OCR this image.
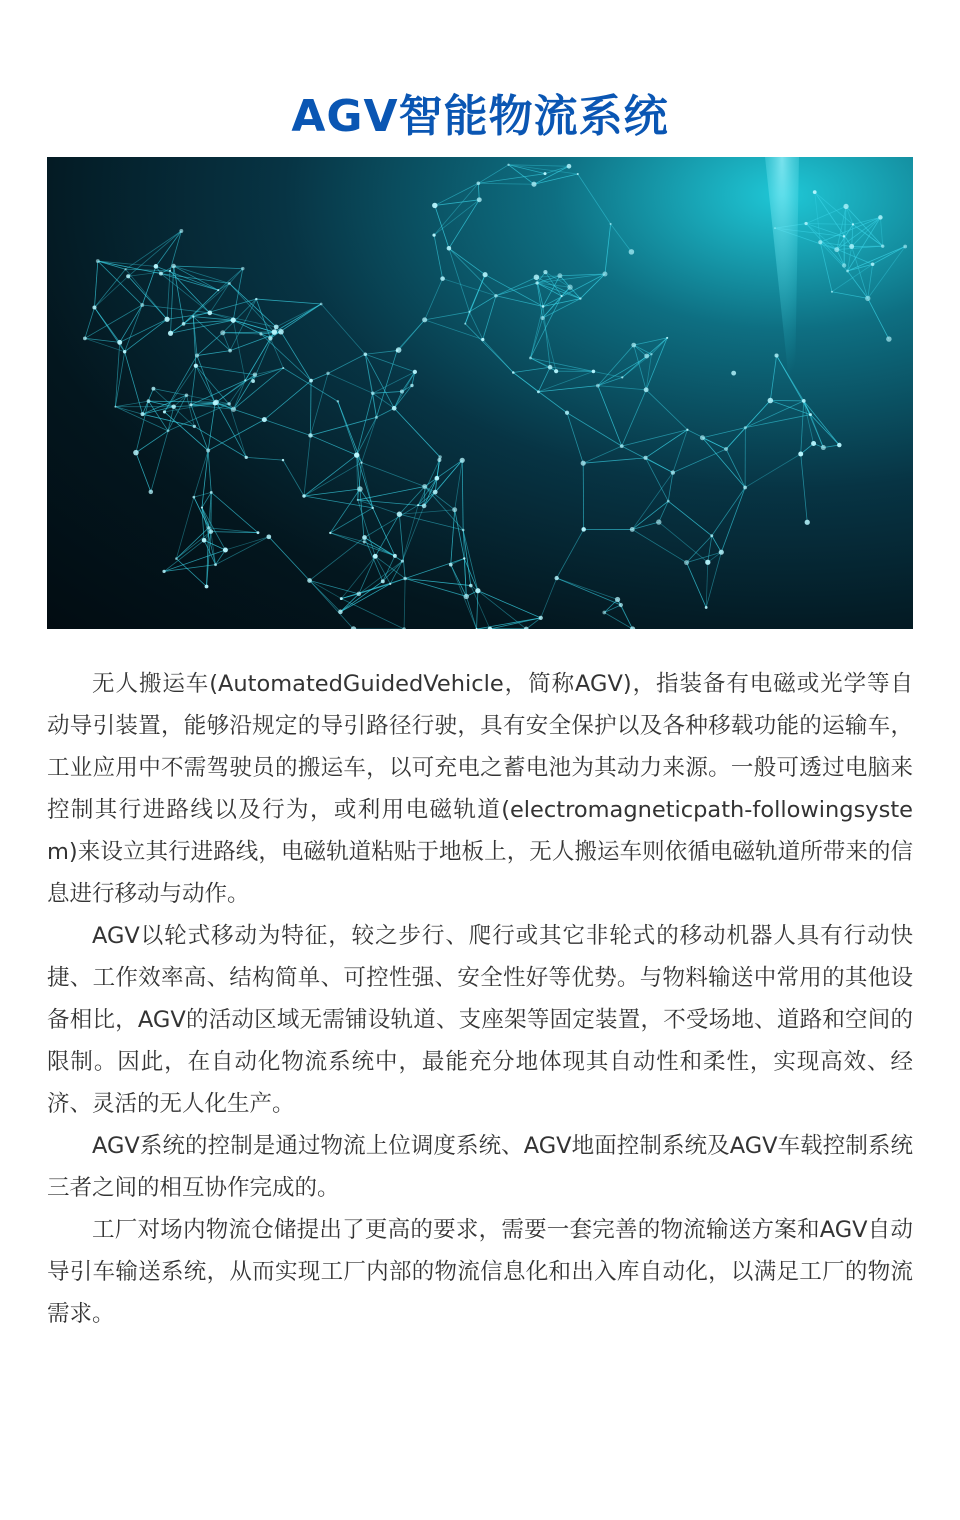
AGV智能物流系统

无人搬运车(AutomatedGuidedVehicle，简称AGV)，指装备有电磁或光学等自动导引装置，能够沿规定的导引路径行驶，具有安全保护以及各种移载功能的运输车，工业应用中不需驾驶员的搬运车，以可充电之蓄电池为其动力来源。一般可透过电脑来控制其行进路线以及行为，或利用电磁轨道(electromagneticpath-followingsystem)来设立其行进路线，电磁轨道粘贴于地板上，无人搬运车则依循电磁轨道所带来的信息进行移动与动作。

AGV以轮式移动为特征，较之步行、爬行或其它非轮式的移动机器人具有行动快捷、工作效率高、结构简单、可控性强、安全性好等优势。与物料输送中常用的其他设备相比，AGV的活动区域无需铺设轨道、支座架等固定装置，不受场地、道路和空间的限制。因此，在自动化物流系统中，最能充分地体现其自动性和柔性，实现高效、经济、灵活的无人化生产。

AGV系统的控制是通过物流上位调度系统、AGV地面控制系统及AGV车载控制系统三者之间的相互协作完成的。

工厂对场内物流仓储提出了更高的要求，需要一套完善的物流输送方案和AGV自动导引车输送系统，从而实现工厂内部的物流信息化和出入库自动化，以满足工厂的物流需求。
